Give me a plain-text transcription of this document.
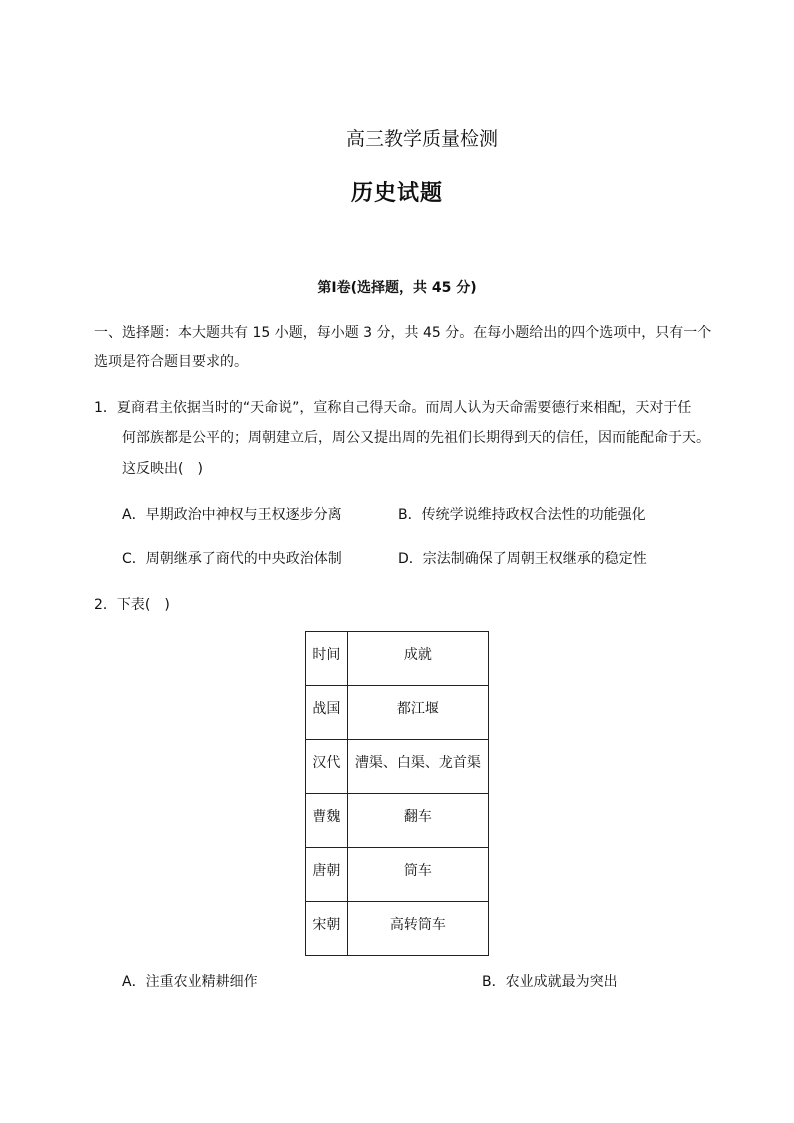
高三教学质量检测
历史试题
第Ⅰ卷(选择题，共 45 分)
一、选择题：本大题共有 15 小题，每小题 3 分，共 45 分。在每小题给出的四个选项中，只有一个
选项是符合题目要求的。
1．夏商君主依据当时的“天命说”，宣称自己得天命。而周人认为天命需要德行来相配，天对于任
何部族都是公平的；周朝建立后，周公又提出周的先祖们长期得到天的信任，因而能配命于天。
这反映出(　)
A．早期政治中神权与王权逐步分离	B．传统学说维持政权合法性的功能强化
C．周朝继承了商代的中央政治体制	D．宗法制确保了周朝王权继承的稳定性
2．下表(　)
时间	成就
战国	都江堰
汉代	漕渠、白渠、龙首渠
曹魏	翻车
唐朝	筒车
宋朝	高转筒车
A．注重农业精耕细作	B．农业成就最为突出
